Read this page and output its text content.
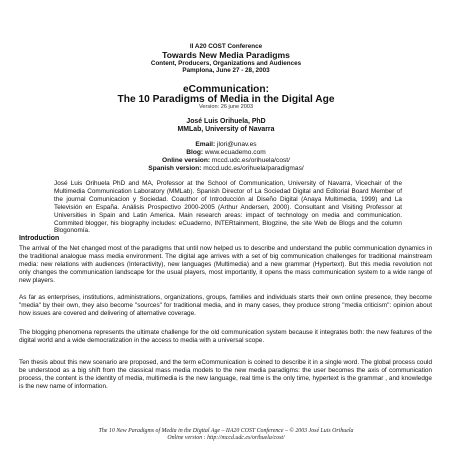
II A20 COST Conference
Towards New Media Paradigms
Content, Producers, Organizations and Audiences
Pamplona, June 27 - 28, 2003
eCommunication:
The 10 Paradigms of Media in the Digital Age
Version: 26 june 2003
José Luis Orihuela, PhD
MMLab, University of Navarra
Email: jlori@unav.es
Blog: www.ecuademo.com
Online version: mccd.udc.es/orihuela/cost/
Spanish version: mccd.udc.es/orihuela/paradigmas/

José Luis Orihuela PhD and MA, Professor at the School of Communication, University of Navarra, Vicechair of the Multimedia Communication Laboratory (MMLab). Spanish Director of La Sociedad Digital and Editorial Board Member of the journal Comunicacion y Sociedad. Coauthor of Introducción al Diseño Digital (Anaya Multimedia, 1999) and La Televisión en España. Análisis Prospectivo 2000-2005 (Arthur Andersen, 2000). Consultant and Visiting Professor at Universities in Spain and Latin America. Main research areas: impact of technology on media and communication. Commited blogger, his biography includes: eCuaderno, INTERtainment, Blogzine, the site Web de Blogs and the column Blogonomía.

Introduction

The arrival of the Net changed most of the paradigms that until now helped us to describe and understand the public communication dynamics in the traditional analogue mass media environment. The digital age arrives with a set of big communication challenges for traditional mainstream media: new relations with audiences (Interactivity), new languages (Multimedia) and a new grammar (Hypertext). But this media revolution not only changes the communication landscape for the usual players, most importantly, it opens the mass communication system to a wide range of new players.

As far as enterprises, institutions, administrations, organizations, groups, families and individuals starts their own online presence, they become "media" by their own, they also become "sources" for traditional media, and in many cases, they produce strong "media criticism": opinion about how issues are covered and delivering of alternative coverage.

The blogging phenomena represents the ultimate challenge for the old communication system because it integrates both: the new features of the digital world and a wide democratization in the access to media with a universal scope.

Ten thesis about this new scenario are proposed, and the term eCommunication is coined to describe it in a single word. The global process could be understood as a big shift from the classical mass media models to the new media paradigms: the user becomes the axis of communication process, the content is the identity of media, multimedia is the new language, real time is the only time, hypertext is the grammar , and knowledge is the new name of information.

The 10 New Paradigms of Media in the Digital Age – IIA20 COST Conference – © 2003 José Luis Orihuela
Online version : http://mccd.udc.es/orihuela/cost/
